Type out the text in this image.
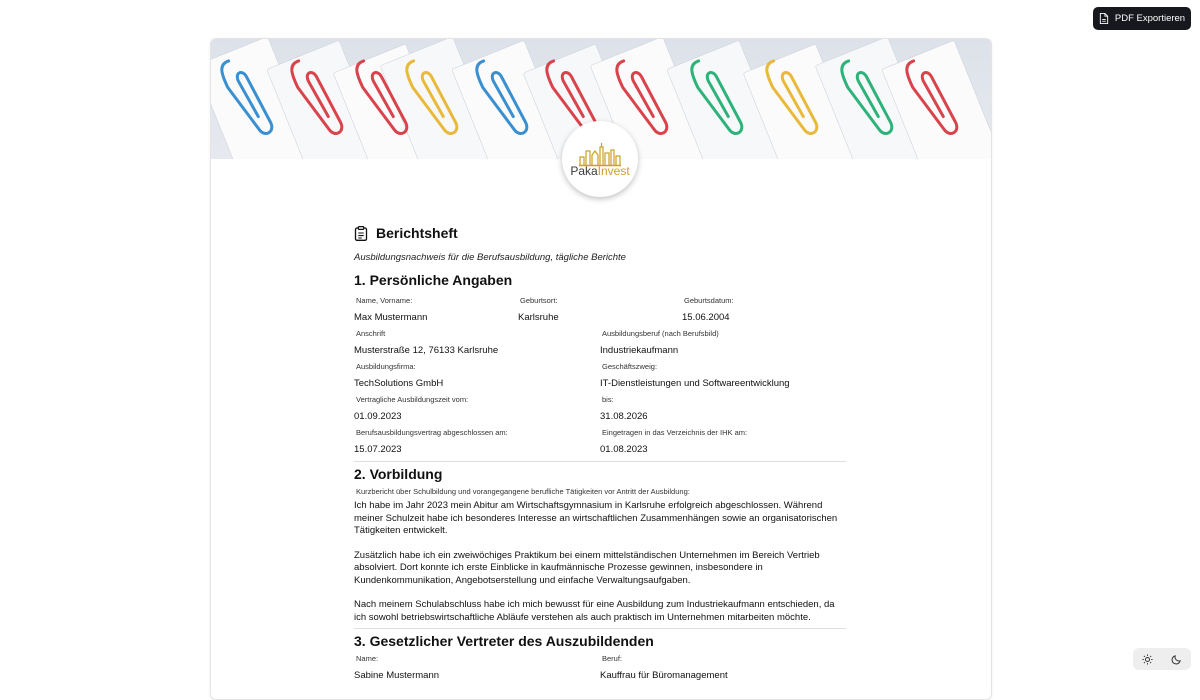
PDF Exportieren
PakaInvest
Berichtsheft
Ausbildungsnachweis für die Berufsausbildung, tägliche Berichte
1. Persönliche Angaben
Name, Vorname:
Max Mustermann
Geburtsort:
Karlsruhe
Geburtsdatum:
15.06.2004
Anschrift
Musterstraße 12, 76133 Karlsruhe
Ausbildungsberuf (nach Berufsbild)
Industriekaufmann
Ausbildungsfirma:
TechSolutions GmbH
Geschäftszweig:
IT-Dienstleistungen und Softwareentwicklung
Vertragliche Ausbildungszeit vom:
01.09.2023
bis:
31.08.2026
Berufsausbildungsvertrag abgeschlossen am:
15.07.2023
Eingetragen in das Verzeichnis der IHK am:
01.08.2023
2. Vorbildung
Kurzbericht über Schulbildung und vorangegangene berufliche Tätigkeiten vor Antritt der Ausbildung:

Ich habe im Jahr 2023 mein Abitur am Wirtschaftsgymnasium in Karlsruhe erfolgreich abgeschlossen. Während meiner Schulzeit habe ich besonderes Interesse an wirtschaftlichen Zusammenhängen sowie an organisatorischen Tätigkeiten entwickelt.

Zusätzlich habe ich ein zweiwöchiges Praktikum bei einem mittelständischen Unternehmen im Bereich Vertrieb absolviert. Dort konnte ich erste Einblicke in kaufmännische Prozesse gewinnen, insbesondere in Kundenkommunikation, Angebotserstellung und einfache Verwaltungsaufgaben.

Nach meinem Schulabschluss habe ich mich bewusst für eine Ausbildung zum Industriekaufmann entschieden, da ich sowohl betriebswirtschaftliche Abläufe verstehen als auch praktisch im Unternehmen mitarbeiten möchte.

3. Gesetzlicher Vertreter des Auszubildenden
Name:
Sabine Mustermann
Beruf:
Kauffrau für Büromanagement
